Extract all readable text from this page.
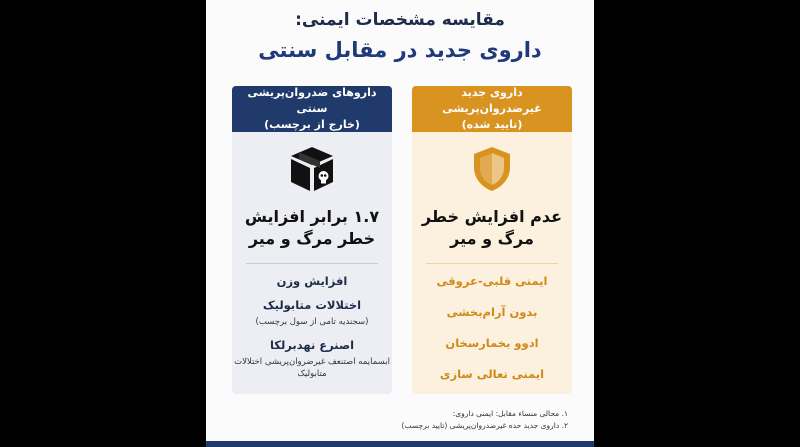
مقایسه مشخصات ایمنی:
داروی جدید در مقابل سنتی
داروهای ضدروان‌پریشی سنتی
(خارج از برچسب)
۱.۷ برابر افزایش
خطر مرگ و میر
افزایش وزن
اختلالات متابولیک
(سجندیه تامی از سول برچسب)
اصنرع نهدبرلکا
ابسمایمه اصتنعف غیرضروان‌پریشی اختلالات متابولیک
داروی جدید غیرضدروان‌پریشی
(تایید شده)
عدم افزایش خطر
مرگ و میر
ایمنی قلبی-عروقی
بدون آرام‌بخشی
ادوو بخمارسخان
ایمنی تعالی سازی
۱. محالی منساء مقابل: ایمنی داروی:
۲. داروی جدید حده غیرضدروان‌پریشی (تایید برچسب)
